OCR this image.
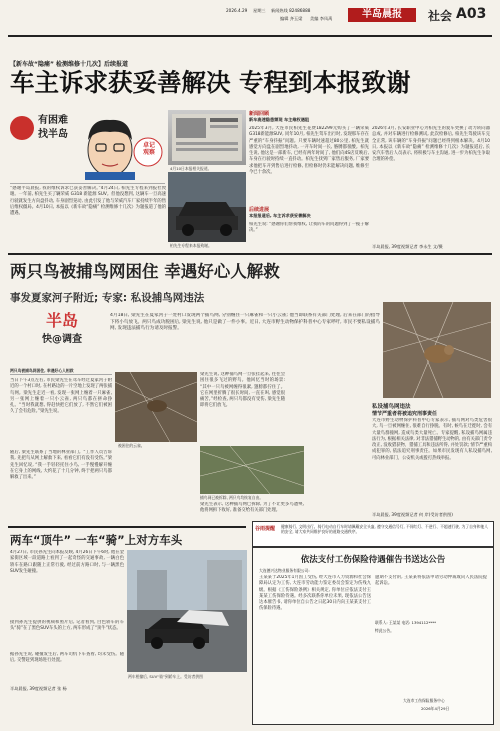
2026.4.29 星期三 新闻热线 82486888
编辑 齐玉梁 美编 李凤禹	半岛晨报	社会 A03
【新车故“隐痛” 检测维修十几次】后续报道
车主诉求获妥善解决 专程到本报致谢
有困难
找半岛
卓记
观察
“感谢半岛晨报, 我的维权诉求已获妥善解决。”4月24日, 柏先生专程来到报社致谢。一年前, 柏先生买了辆荣威 G318 新能源 SUV。但他没想到, 这辆车一旦高速行驶就发生方向盘抖动, 车身剧烈晃动, 由此引发了他与荣威汽车厂家持续半年的售后维权僵局。4月10日, 本报以《新车故“隐痛” 检测维修十几次》为题报道了他的遭遇。
4月10日本报相关报道。
柏先生专程来本报致谢。
新闻回顾
新车高速隐患频现 车主维权遇阻
2025年3月, 大连市民柏先生花费182299元购买了一辆荣威G318新能源SUV, 同年10月, 柏先生驾车出行时, 发现那车存在严重的“车身抖振”问题。只要车辆时速超过80公里, 柏先生就感觉方向盘在剧烈地抖动, 一开车时间一长, 胳膊都很酸。柏先生说, 他这是一部新车, 已经有两年时间了, 他们向4S店反映后, 车身在行驶时持续一直抖动。柏先生找到厂家售后服务, 厂家要求他把车开到售后进行检修, 但检修时仍未能解决问题, 维修至今已十余次。
后续进展
本报报道后, 车主诉求获妥善解决
柏先生说: “感谢你们帮我维权, 让我的车的问题得到了一揽子解决。”
2026年3月, 长安职业中心为柏先生的爱车更换了动力转向器总成, 并对车辆进行检修测试, 此次检修后, 柏先生驾驶该车完全正常, 该车辆的“车身抖振”问题已经得到根本解决。4月10日, 本报以《新车故“隐痛” 检测维修十几次》为题报道后, 长安汽车售后人员表示, 将积极与车主沟通, 进一步为柏先生争取合理的补偿。
半岛晨报, 39度视频记者 李永生 文/摄
两只鸟被捕鸟网困住 幸遇好心人解救
事发夏家河子附近; 专家: 私设捕鸟网违法
半岛
快@调查
4月18日, 梁先生在夏家河子一处村口发现两个捕鸟网, 分别缠住一只麻雀和一只小云雀; 他当即联系有关部门处理, 后来在部门的指导下将小鸟放飞。两只鸟成功脱困后, 梁先生说, 他只是做了一件小事。近日, 大连市野生动物保护科普中心专家呼吁, 市民不要私设捕鸟网, 发现违法捕鸟行为请及时报警。
两只鸟被捕鸟网困住, 幸遇好心人相救
当日下午3点左右, 市民梁先生在驾车经过夏家河子附近的一个村口时, 在村路边的一片空地上发现了两张捕鸟网。梁先生走近一看, 发现一张网上缠着一只麻雀, 另一张网上缠着一只小云雀, 两只鸟都在拼命挣扎。“当时我就想, 得赶快把它们放了, 不然它们被困久了会有危险。”梁先生说。
随后, 梁先生联系了当地的林业部门。“工作人员告诉我, 先把鸟从网上解救下来, 看看它们有没有受伤。”梁先生回忆说, “我一手轻轻托住小鸟, 一手慢慢解开缠在它身上的网线, 大约花了十几分钟, 终于把两只鸟都解救了出来。”
被困住的云雀。
梁先生说, 这种捕鸟网一旦张挂起来, 往往会困住很多飞过的野鸟。他回忆当时的场景: “其中一只鸟被网缠得很紧, 翅膀都拧住了。它在网里折腾了很长时间, 一直在叫, 感觉很痛苦。”经检查, 两只鸟都没有受伤, 梁先生随即将它们放飞。
捕鸟网已被拆除, 两只鸟均恢复自由。
梁先生表示, 这种捕鸟网已拆除, 为了不让更多鸟遭殃, 他将网拆下收好, 准备交给有关部门处理。
私设捕鸟网违法
情节严重者将被追究刑事责任
大连市野生动物保护科普中心专家表示, 捕鸟网对鸟类危害很大, 鸟一旦被网缠住, 很难自行挣脱。有时, 候鸟在迁徙时, 会有大量鸟群撞网, 造成鸟类大量死亡。专家提醒, 私设捕鸟网属违法行为, 根据相关法律, 对非法猎捕野生动物的, 由有关部门责令改正, 没收猎获物、猎捕工具和违法所得, 并处罚款; 情节严重构成犯罪的, 依法追究刑事责任。如果市民发现有人私设捕鸟网, 可向林业部门、公安机关或拨打热线举报。
半岛晨报, 39度视频记者 何 岸(受访者供图)
谷雨提醒	健康骑行, 文明出行。骑行电动自行车时请佩戴安全头盔, 遵守交通信号灯, 不闯红灯、不逆行、不超速行驶, 为了自身和他人的安全, 请大家共同维护良好的道路交通秩序。
两车“顶牛” 一车“骑”上对方车头
4月27日, 市民孙先生向本报反映, 4月26日下午6时, 他在金家街区域一段道路上看到了一起奇怪的交通事故, 一辆白色轿车在路口跟随上正常行驶, 经过前方路口时, 与一辆黑色SUV发生碰撞。
两车相撞后, SUV“骑”到轿车上。受访者供图
接到孙先生提供的视频和照片后, 记者看到, 白色轿车的车头“骑”在了黑色SUV车头的上方, 两车形成了“顶牛”状态。
据孙先生说, 碰撞发生后, 两车司机下车查看, 均未受伤。随后, 交警赶到现场进行处置。
半岛晨报, 39度视频记者 张 杨
依法支付工伤保险待遇催告书送达公告
大连德兴达物业服务有限公司:
王某某于2025年1月因工受伤, 经大连市人力资源和社会保障局认定为工伤, 大连市劳动能力鉴定委员会鉴定为伤残九级。根据《工伤保险条例》相关规定, 你单位应依法支付王某某工伤保险待遇。经多次联系你单位未果, 现依法公告送达本催告书, 请你单位自公告之日起30日内向王某某支付工伤保险待遇。
逾期不支付的, 王某某将依法申请劳动仲裁或向人民法院提起诉讼。
联系人: 王某某 电话: 1394112****
特此公告。
大连市工伤保险服务中心
2026年4月29日
